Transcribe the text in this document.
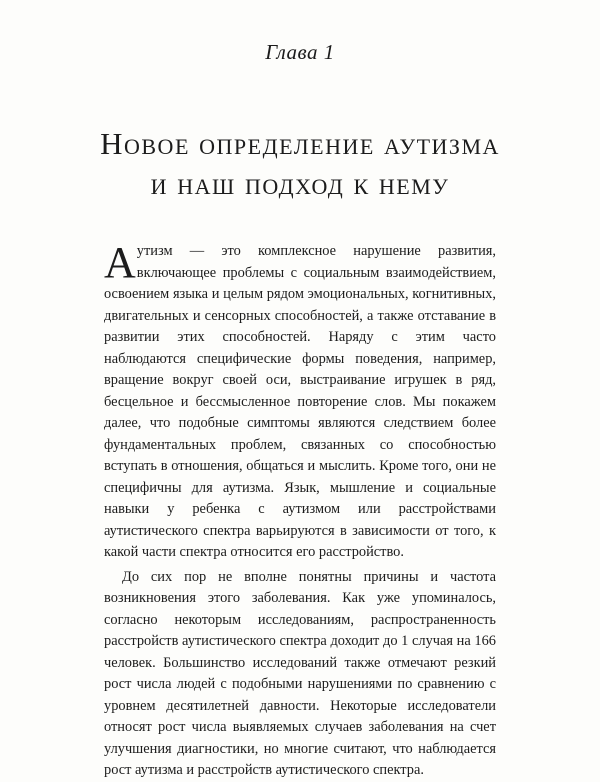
Глава 1
Новое определение аутизма
и наш подход к нему

Аутизм — это комплексное нарушение развития, включающее проблемы с социальным взаимодействием, освоением языка и целым рядом эмоциональных, когнитивных, двигательных и сенсорных способностей, а также отставание в развитии этих способностей. Наряду с этим часто наблюдаются специфические формы поведения, например, вращение вокруг своей оси, выстраивание игрушек в ряд, бесцельное и бессмысленное повторение слов. Мы покажем далее, что подобные симптомы являются следствием более фундаментальных проблем, связанных со способностью вступать в отношения, общаться и мыслить. Кроме того, они не специфичны для аутизма. Язык, мышление и социальные навыки у ребенка с аутизмом или расстройствами аутистического спектра варьируются в зависимости от того, к какой части спектра относится его расстройство.

До сих пор не вполне понятны причины и частота возникновения этого заболевания. Как уже упоминалось, согласно некоторым исследованиям, распространенность расстройств аутистического спектра доходит до 1 случая на 166 человек. Большинство исследований также отмечают резкий рост числа людей с подобными нарушениями по сравнению с уровнем десятилетней давности. Некоторые исследователи относят рост числа выявляемых случаев заболевания на счет улучшения диагностики, но многие считают, что наблюдается рост аутизма и расстройств аутистического спектра.
